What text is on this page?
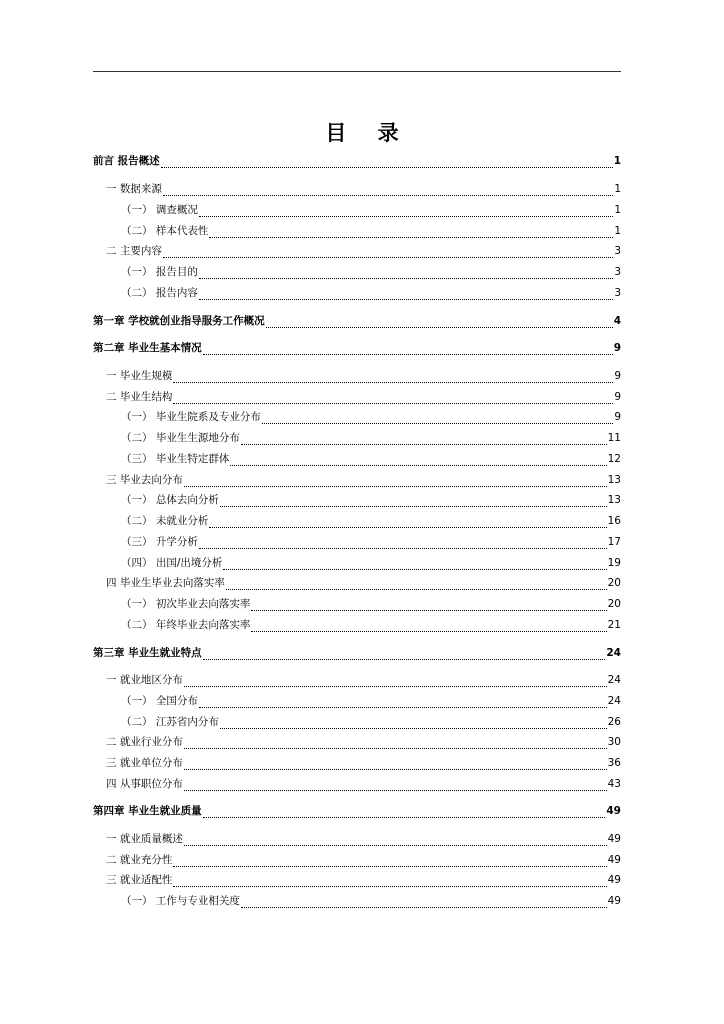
目 录
前言 报告概述	1
一 数据来源	1
（一） 调查概况	1
（二） 样本代表性	1
二 主要内容	3
（一） 报告目的	3
（二） 报告内容	3
第一章 学校就创业指导服务工作概况	4
第二章 毕业生基本情况	9
一 毕业生规模	9
二 毕业生结构	9
（一） 毕业生院系及专业分布	9
（二） 毕业生生源地分布	11
（三） 毕业生特定群体	12
三 毕业去向分布	13
（一） 总体去向分析	13
（二） 未就业分析	16
（三） 升学分析	17
（四） 出国/出境分析	19
四 毕业生毕业去向落实率	20
（一） 初次毕业去向落实率	20
（二） 年终毕业去向落实率	21
第三章 毕业生就业特点	24
一 就业地区分布	24
（一） 全国分布	24
（二） 江苏省内分布	26
二 就业行业分布	30
三 就业单位分布	36
四 从事职位分布	43
第四章 毕业生就业质量	49
一 就业质量概述	49
二 就业充分性	49
三 就业适配性	49
（一） 工作与专业相关度	49
